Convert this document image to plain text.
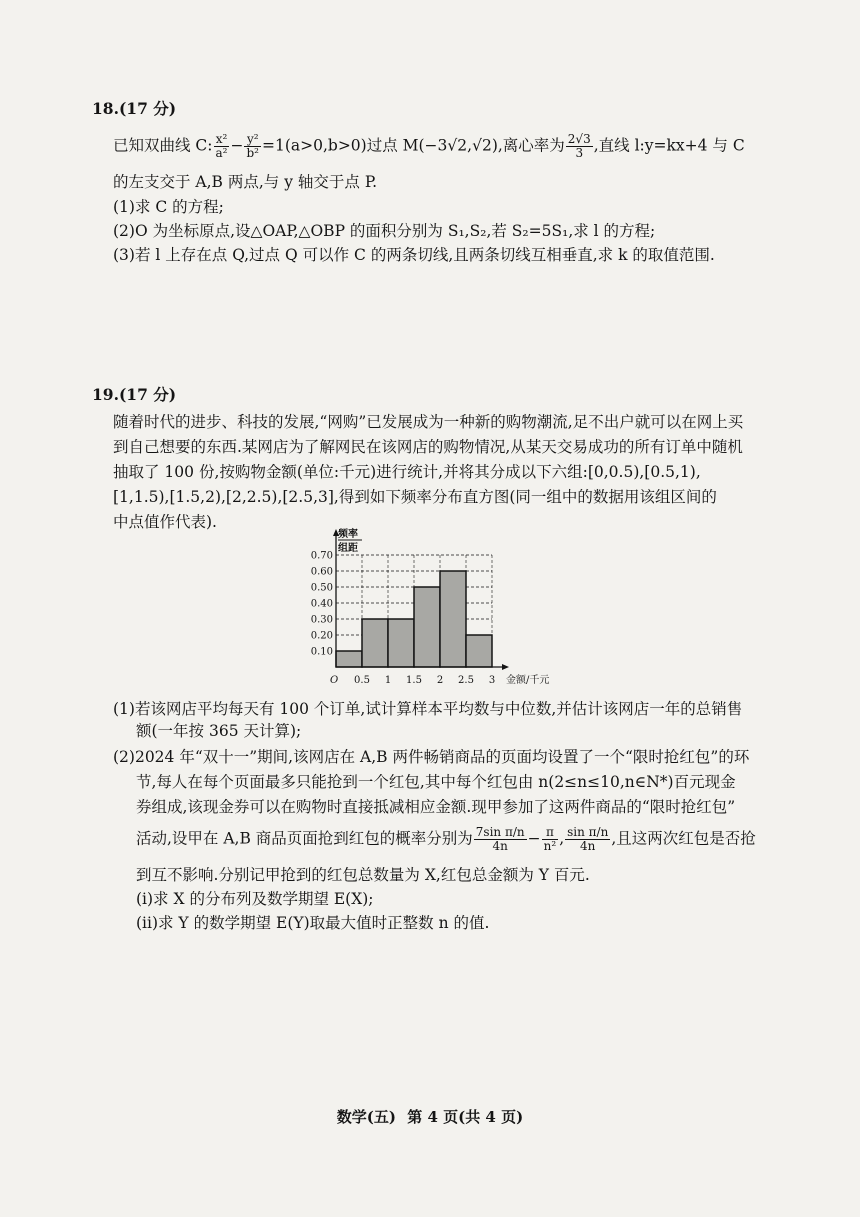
18.(17 分)
已知双曲线 C: $\frac{\text{x²}}{\text{a²}} - \frac{\text{y²}}{\text{b²}} =1(a>0,b>0)$过点 M(−3√2,√2),离心率为 $\frac{2√3}{3}$ ,直线 l:y=kx+4 与 C
的左支交于 A,B 两点,与 y 轴交于点 P.
(1)求 C 的方程;
(2)O 为坐标原点,设△OAP,△OBP 的面积分别为 S₁,S₂,若 S₂=5S₁,求 l 的方程;
(3)若 l 上存在点 Q,过点 Q 可以作 C 的两条切线,且两条切线互相垂直,求 k 的取值范围.
19.(17 分)
随着时代的进步、科技的发展,“网购”已发展成为一种新的购物潮流,足不出户就可以在网上买
到自己想要的东西.某网店为了解网民在该网店的购物情况,从某天交易成功的所有订单中随机
抽取了 100 份,按购物金额(单位:千元)进行统计,并将其分成以下六组:[0,0.5),[0.5,1),
[1,1.5),[1.5,2),[2,2.5),[2.5,3],得到如下频率分布直方图(同一组中的数据用该组区间的
中点值作代表).
0.10
0.20
0.30
0.40
0.50
0.60
0.70
0.5 1 1.5 2 2.5 3
频率
组距
金额/千元
O
(1)若该网店平均每天有 100 个订单,试计算样本平均数与中位数,并估计该网店一年的总销售
额(一年按 365 天计算);
(2)2024 年“双十一”期间,该网店在 A,B 两件畅销商品的页面均设置了一个“限时抢红包”的环
节,每人在每个页面最多只能抢到一个红包,其中每个红包由 n(2≤n≤10,n∈N*)百元现金
券组成,该现金券可以在购物时直接抵减相应金额.现甲参加了这两件商品的“限时抢红包”
活动,设甲在 A,B 商品页面抢到红包的概率分别为 $\frac{\text{7sin π/n}}{4n} - \frac{\pi}{\text{n²}}$ , $\frac{\text{sin π/n}}{4n}$ ,且这两次红包是否抢
到互不影响.分别记甲抢到的红包总数量为 X,红包总金额为 Y 百元.
(i)求 X 的分布列及数学期望 E(X);
(ii)求 Y 的数学期望 E(Y)取最大值时正整数 n 的值.
数学(五) 第 4 页(共 4 页)
